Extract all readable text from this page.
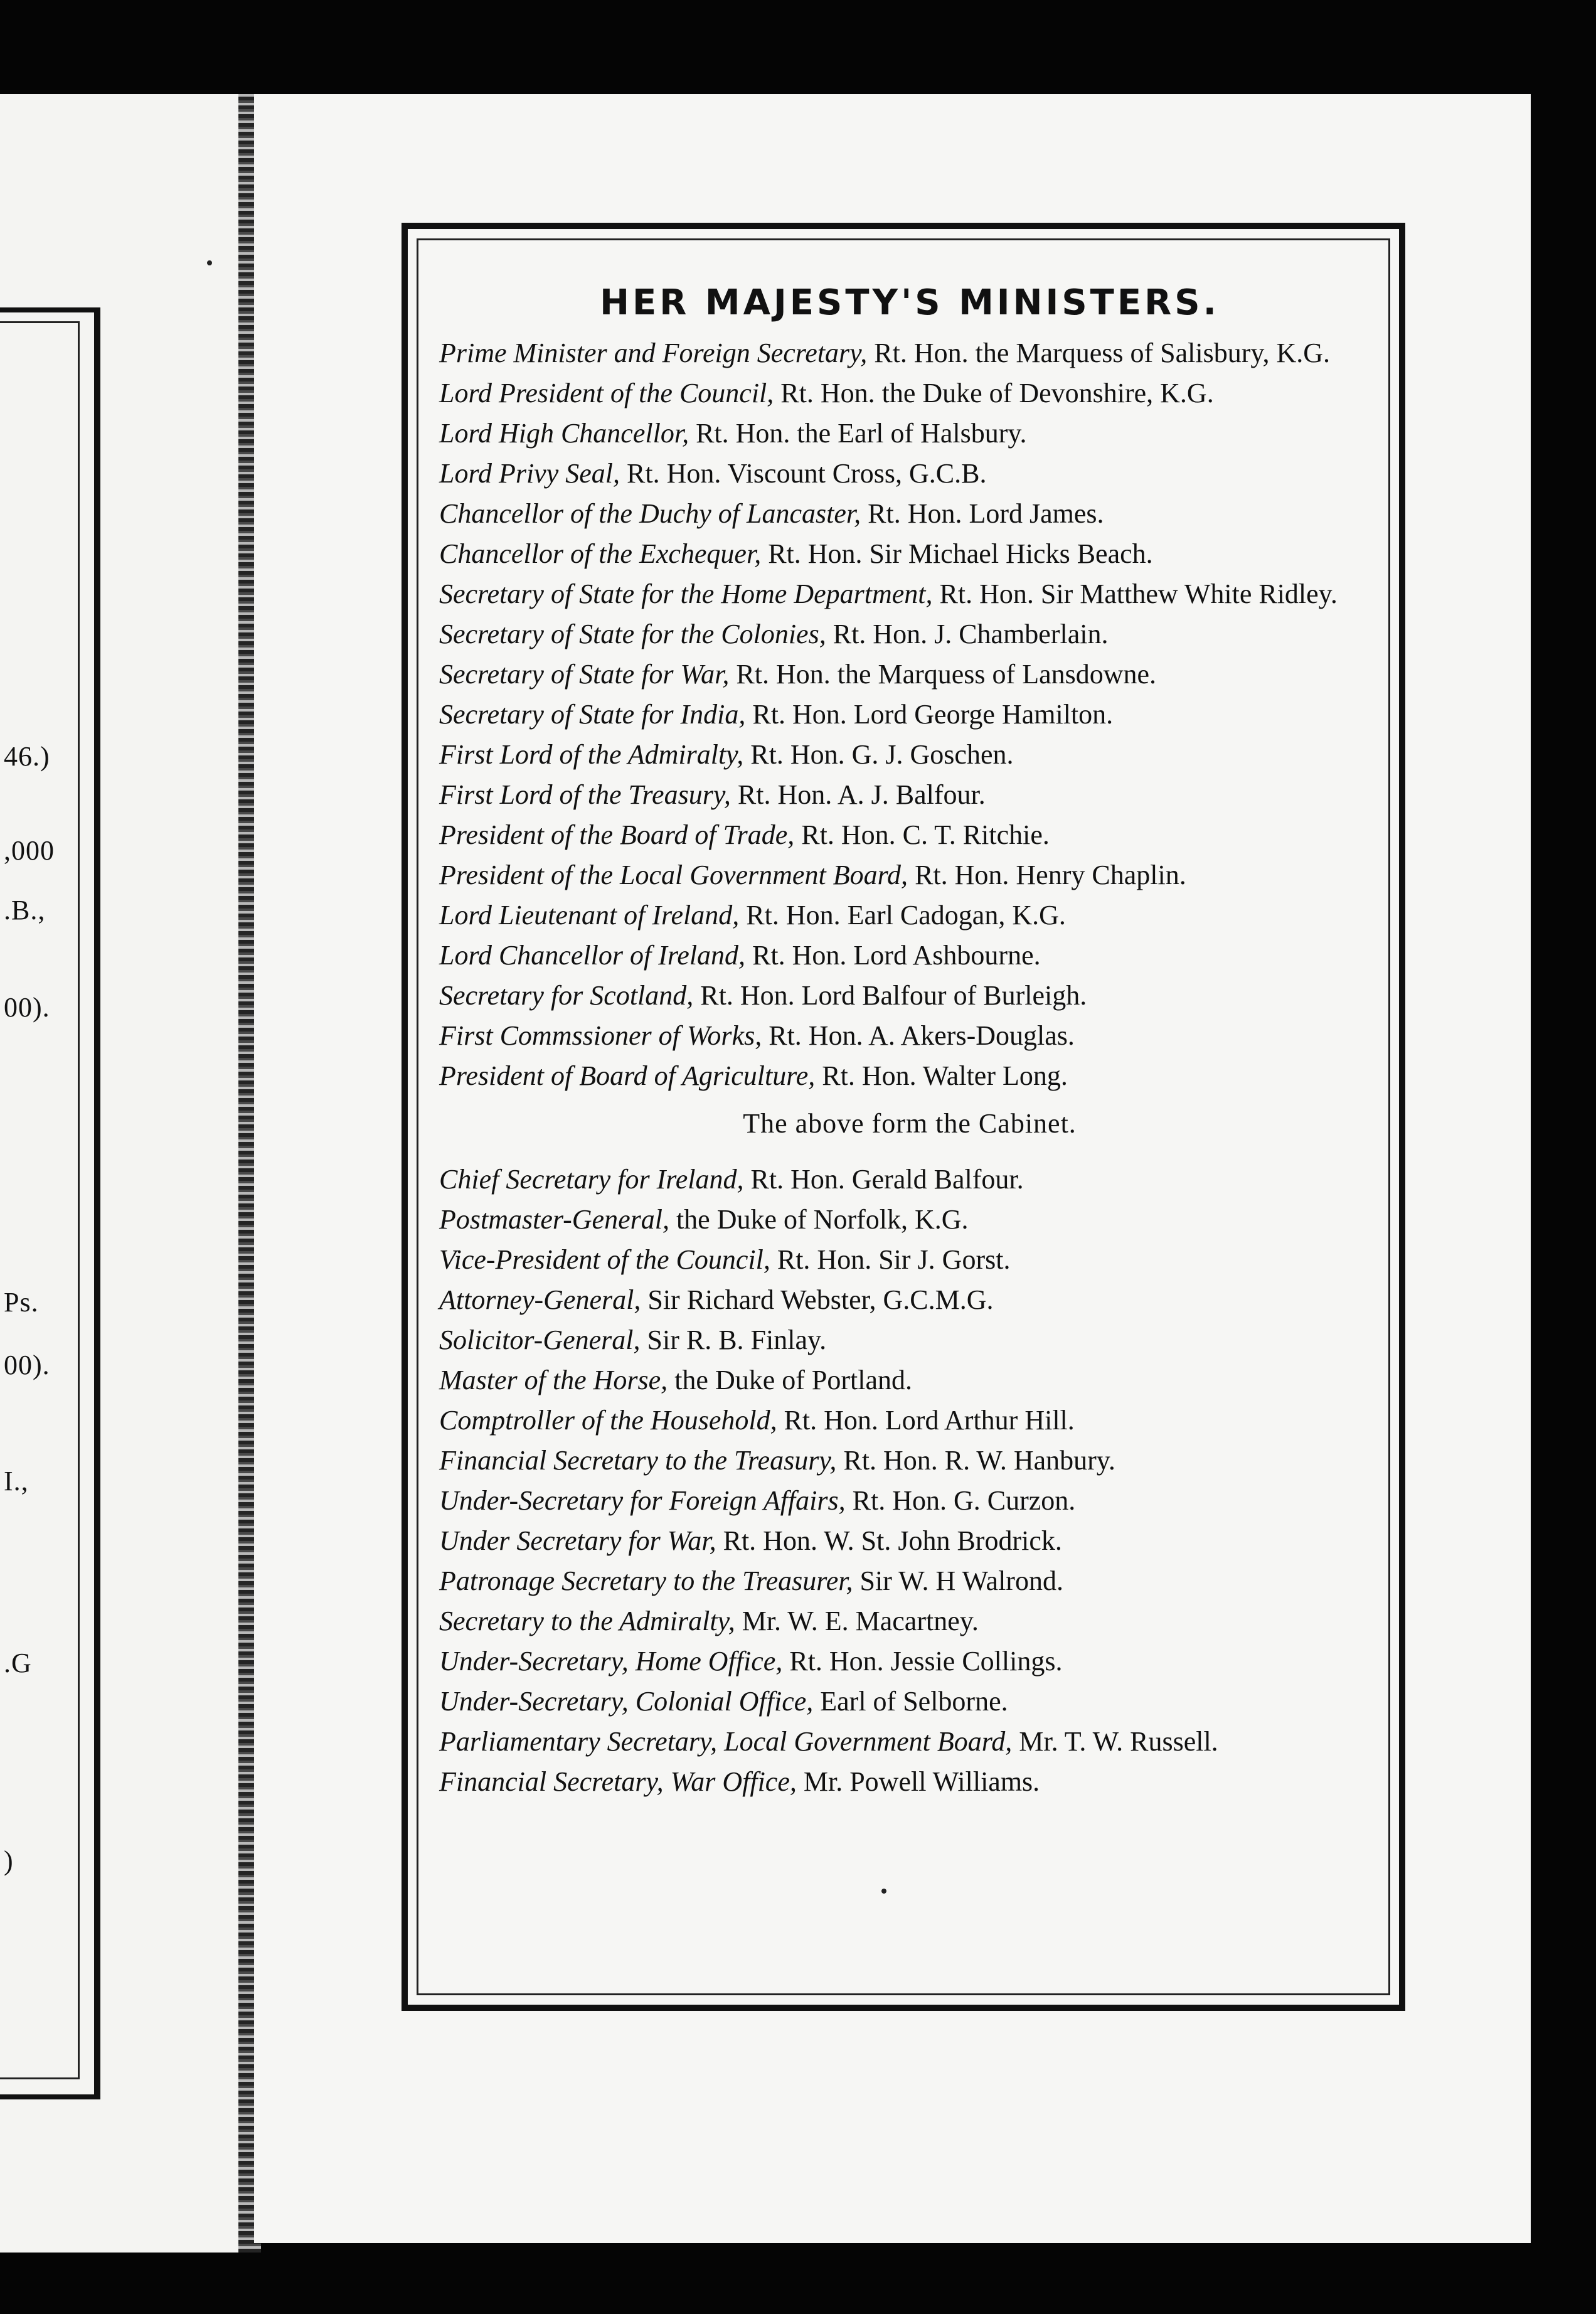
46.)
,000
.B.,
00).
Ps.
00).
I.,
.G
)
HER MAJESTY'S MINISTERS.
Prime Minister and Foreign Secretary, Rt. Hon. the Marquess of Salisbury, K.G.
Lord President of the Council, Rt. Hon. the Duke of Devonshire, K.G.
Lord High Chancellor, Rt. Hon. the Earl of Halsbury.
Lord Privy Seal, Rt. Hon. Viscount Cross, G.C.B.
Chancellor of the Duchy of Lancaster, Rt. Hon. Lord James.
Chancellor of the Exchequer, Rt. Hon. Sir Michael Hicks Beach.
Secretary of State for the Home Department, Rt. Hon. Sir Matthew White Ridley.
Secretary of State for the Colonies, Rt. Hon. J. Chamberlain.
Secretary of State for War, Rt. Hon. the Marquess of Lansdowne.
Secretary of State for India, Rt. Hon. Lord George Hamilton.
First Lord of the Admiralty, Rt. Hon. G. J. Goschen.
First Lord of the Treasury, Rt. Hon. A. J. Balfour.
President of the Board of Trade, Rt. Hon. C. T. Ritchie.
President of the Local Government Board, Rt. Hon. Henry Chaplin.
Lord Lieutenant of Ireland, Rt. Hon. Earl Cadogan, K.G.
Lord Chancellor of Ireland, Rt. Hon. Lord Ashbourne.
Secretary for Scotland, Rt. Hon. Lord Balfour of Burleigh.
First Commssioner of Works, Rt. Hon. A. Akers-Douglas.
President of Board of Agriculture, Rt. Hon. Walter Long.
The above form the Cabinet.
Chief Secretary for Ireland, Rt. Hon. Gerald Balfour.
Postmaster-General, the Duke of Norfolk, K.G.
Vice-President of the Council, Rt. Hon. Sir J. Gorst.
Attorney-General, Sir Richard Webster, G.C.M.G.
Solicitor-General, Sir R. B. Finlay.
Master of the Horse, the Duke of Portland.
Comptroller of the Household, Rt. Hon. Lord Arthur Hill.
Financial Secretary to the Treasury, Rt. Hon. R. W. Hanbury.
Under-Secretary for Foreign Affairs, Rt. Hon. G. Curzon.
Under Secretary for War, Rt. Hon. W. St. John Brodrick.
Patronage Secretary to the Treasurer, Sir W. H Walrond.
Secretary to the Admiralty, Mr. W. E. Macartney.
Under-Secretary, Home Office, Rt. Hon. Jessie Collings.
Under-Secretary, Colonial Office, Earl of Selborne.
Parliamentary Secretary, Local Government Board, Mr. T. W. Russell.
Financial Secretary, War Office, Mr. Powell Williams.
